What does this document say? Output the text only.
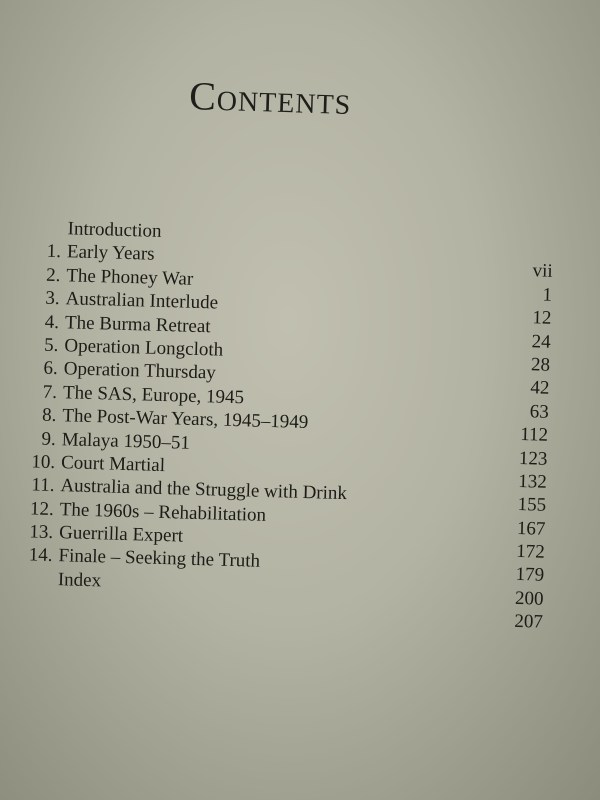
Contents
Introduction
1. Early Years
vii
2. The Phoney War
1
3. Australian Interlude
12
4. The Burma Retreat
24
5. Operation Longcloth
28
6. Operation Thursday
42
7. The SAS, Europe, 1945
63
8. The Post-War Years, 1945–1949
112
9. Malaya 1950–51
123
10. Court Martial
132
11. Australia and the Struggle with Drink
155
12. The 1960s – Rehabilitation
167
13. Guerrilla Expert
172
14. Finale – Seeking the Truth
179
Index
200
207
